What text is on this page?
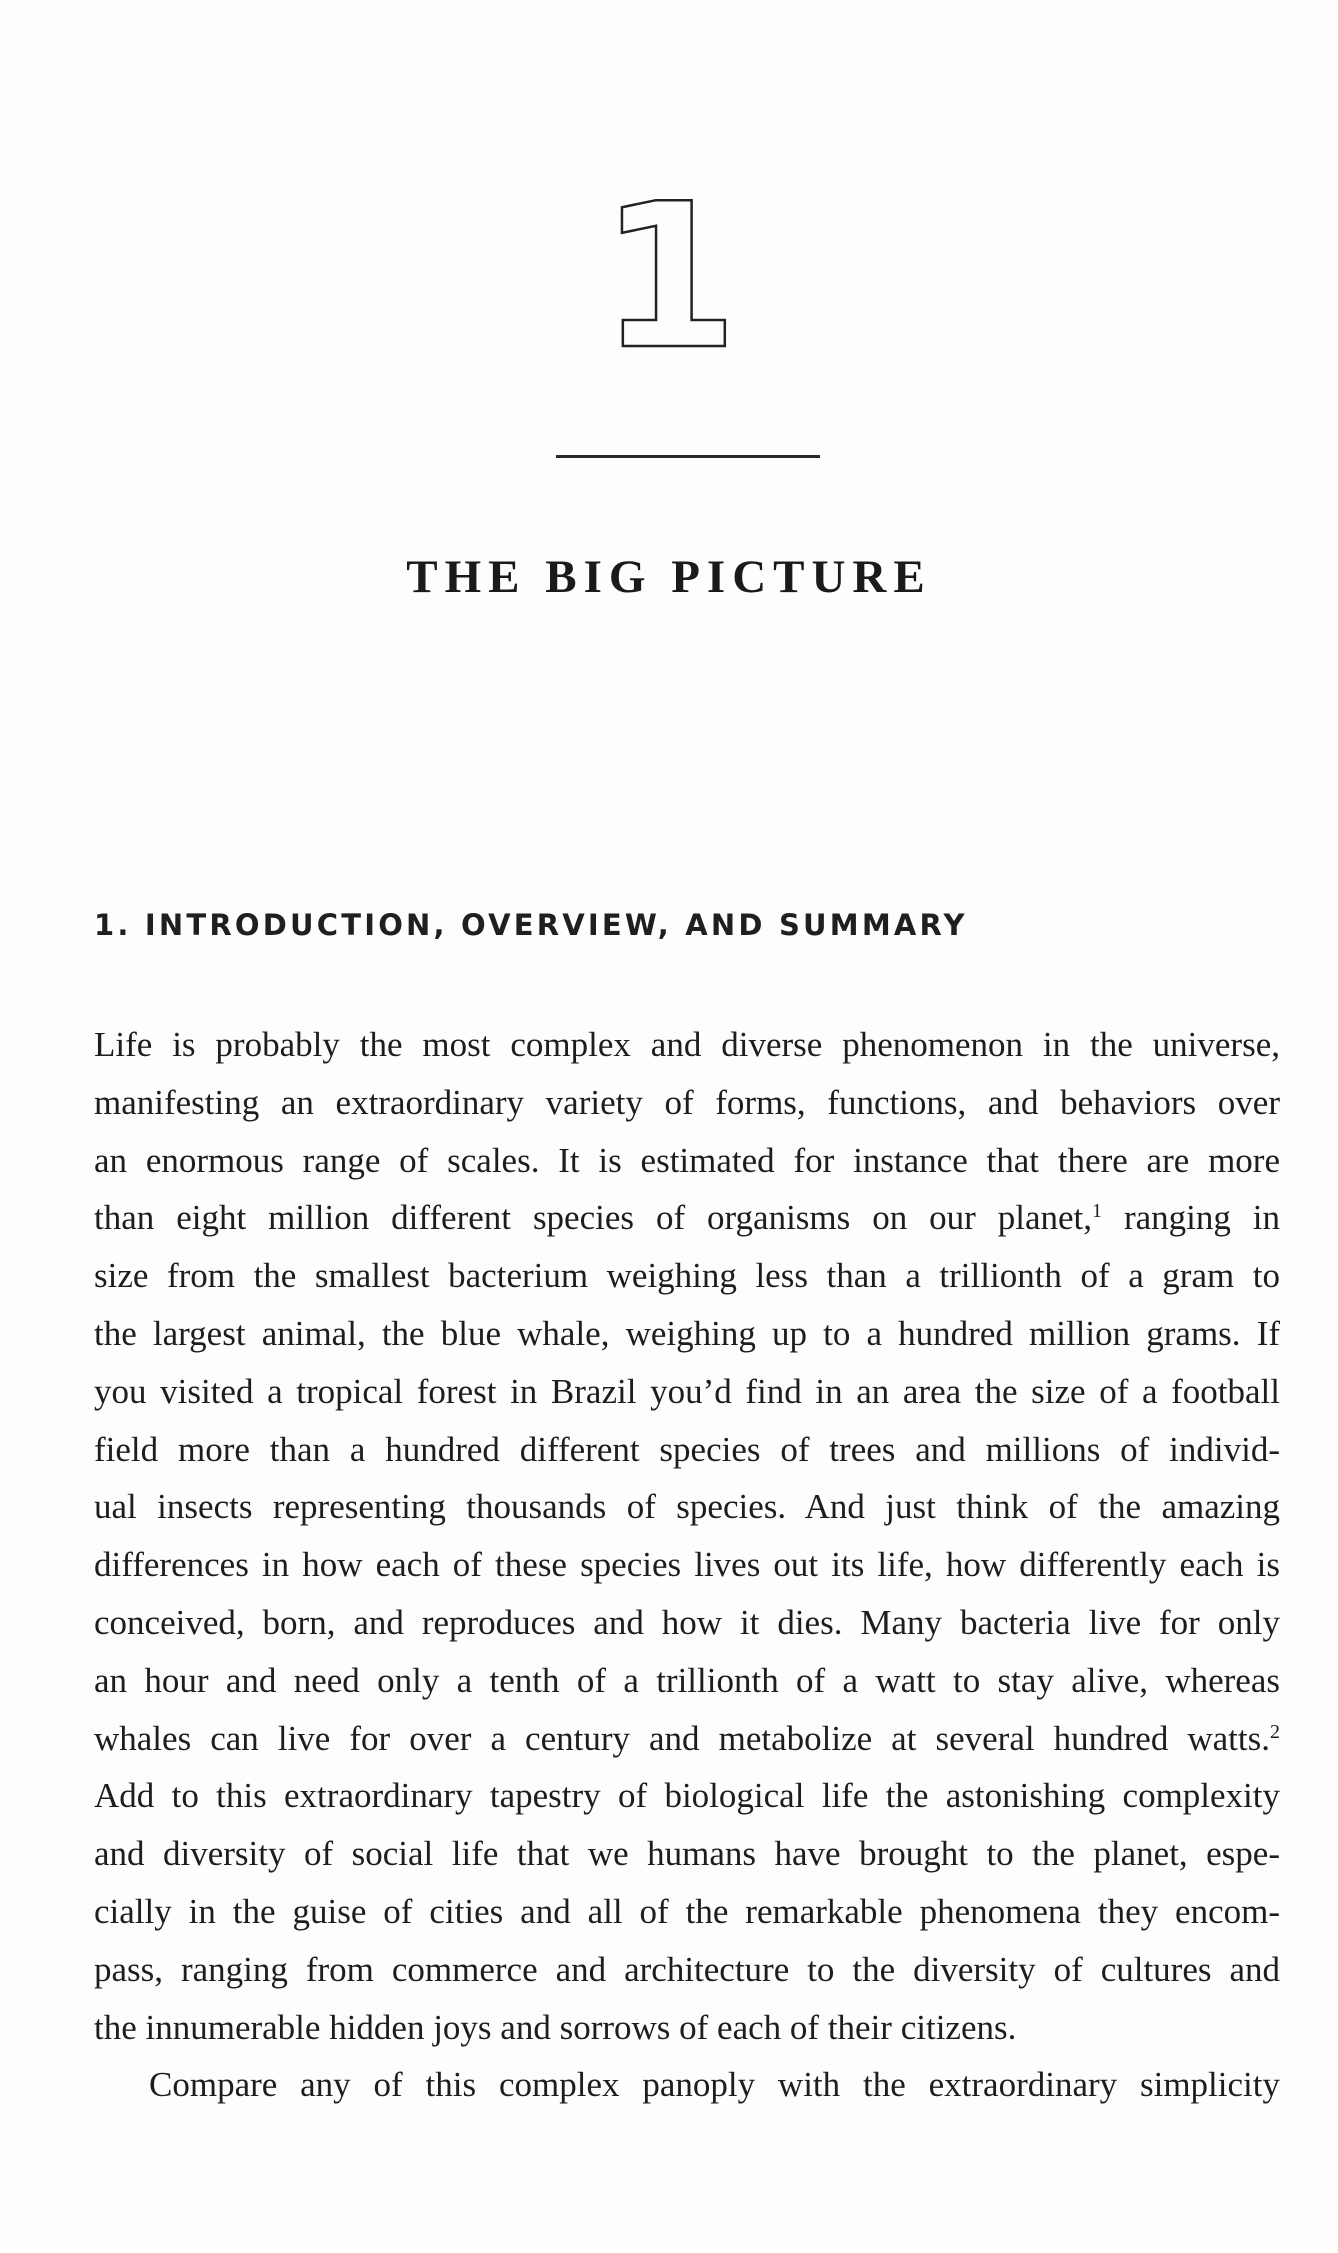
1
THE BIG PICTURE
1. INTRODUCTION, OVERVIEW, AND SUMMARY
Life is probably the most complex and diverse phenomenon in the universe,
manifesting an extraordinary variety of forms, functions, and behaviors over
an enormous range of scales. It is estimated for instance that there are more
than eight million different species of organisms on our planet,$^1$ ranging in
size from the smallest bacterium weighing less than a trillionth of a gram to
the largest animal, the blue whale, weighing up to a hundred million grams. If
you visited a tropical forest in Brazil you’d find in an area the size of a football
field more than a hundred different species of trees and millions of individ-
ual insects representing thousands of species. And just think of the amazing
differences in how each of these species lives out its life, how differently each is
conceived, born, and reproduces and how it dies. Many bacteria live for only
an hour and need only a tenth of a trillionth of a watt to stay alive, whereas
whales can live for over a century and metabolize at several hundred watts.$^2$
Add to this extraordinary tapestry of biological life the astonishing complexity
and diversity of social life that we humans have brought to the planet, espe-
cially in the guise of cities and all of the remarkable phenomena they encom-
pass, ranging from commerce and architecture to the diversity of cultures and
the innumerable hidden joys and sorrows of each of their citizens.
Compare any of this complex panoply with the extraordinary simplicity
